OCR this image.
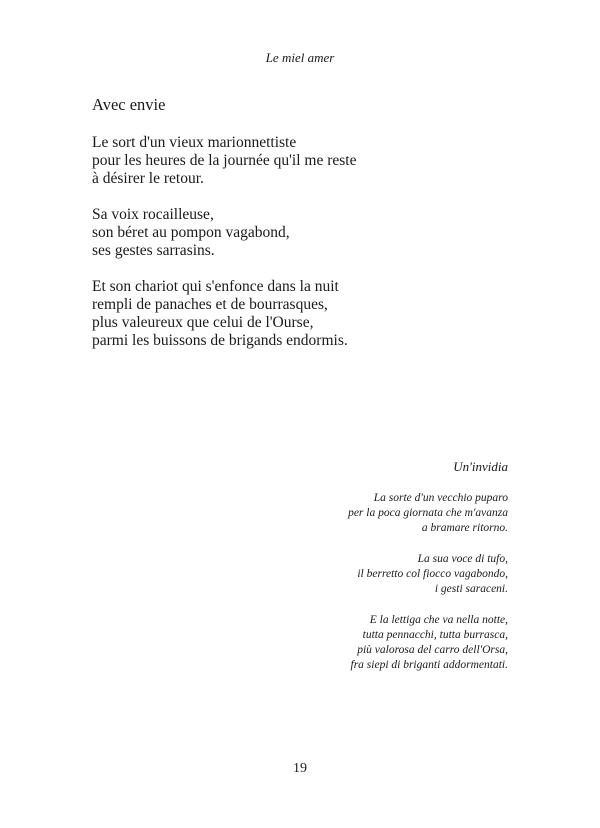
Le miel amer
Avec envie
Le sort d'un vieux marionnettiste
pour les heures de la journée qu'il me reste
à désirer le retour.
Sa voix rocailleuse,
son béret au pompon vagabond,
ses gestes sarrasins.
Et son chariot qui s'enfonce dans la nuit
rempli de panaches et de bourrasques,
plus valeureux que celui de l'Ourse,
parmi les buissons de brigands endormis.
Un'invidia
La sorte d'un vecchio puparo
per la poca giornata che m'avanza
a bramare ritorno.
La sua voce di tufo,
il berretto col fiocco vagabondo,
i gesti saraceni.
E la lettiga che va nella notte,
tutta pennacchi, tutta burrasca,
più valorosa del carro dell'Orsa,
fra siepi di briganti addormentati.
19
